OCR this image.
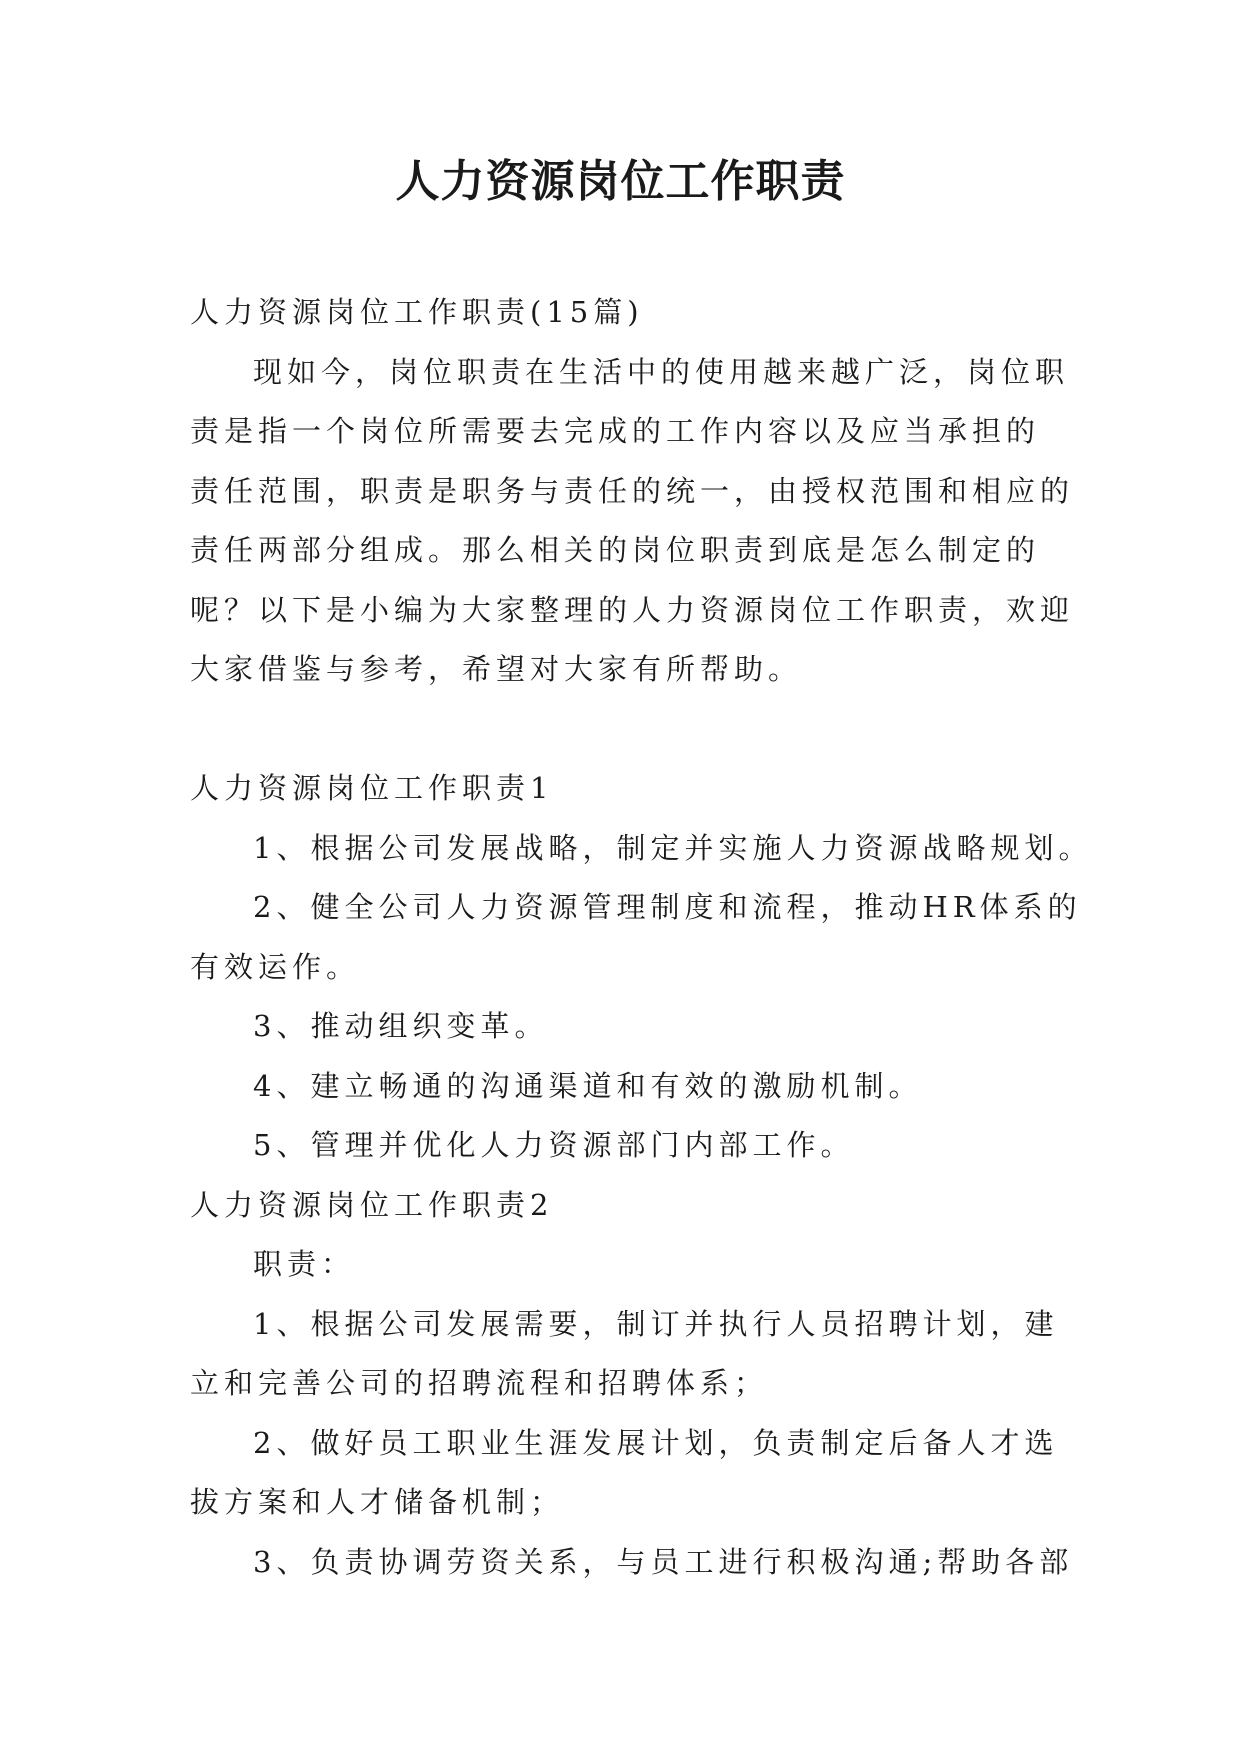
人力资源岗位工作职责
人力资源岗位工作职责(15篇)
现如今，岗位职责在生活中的使用越来越广泛，岗位职
责是指一个岗位所需要去完成的工作内容以及应当承担的
责任范围，职责是职务与责任的统一，由授权范围和相应的
责任两部分组成。那么相关的岗位职责到底是怎么制定的
呢？以下是小编为大家整理的人力资源岗位工作职责，欢迎
大家借鉴与参考，希望对大家有所帮助。
人力资源岗位工作职责1
1、根据公司发展战略，制定并实施人力资源战略规划。
2、健全公司人力资源管理制度和流程，推动HR体系的
有效运作。
3、推动组织变革。
4、建立畅通的沟通渠道和有效的激励机制。
5、管理并优化人力资源部门内部工作。
人力资源岗位工作职责2
职责：
1、根据公司发展需要，制订并执行人员招聘计划，建
立和完善公司的招聘流程和招聘体系；
2、做好员工职业生涯发展计划，负责制定后备人才选
拔方案和人才储备机制；
3、负责协调劳资关系，与员工进行积极沟通;帮助各部
